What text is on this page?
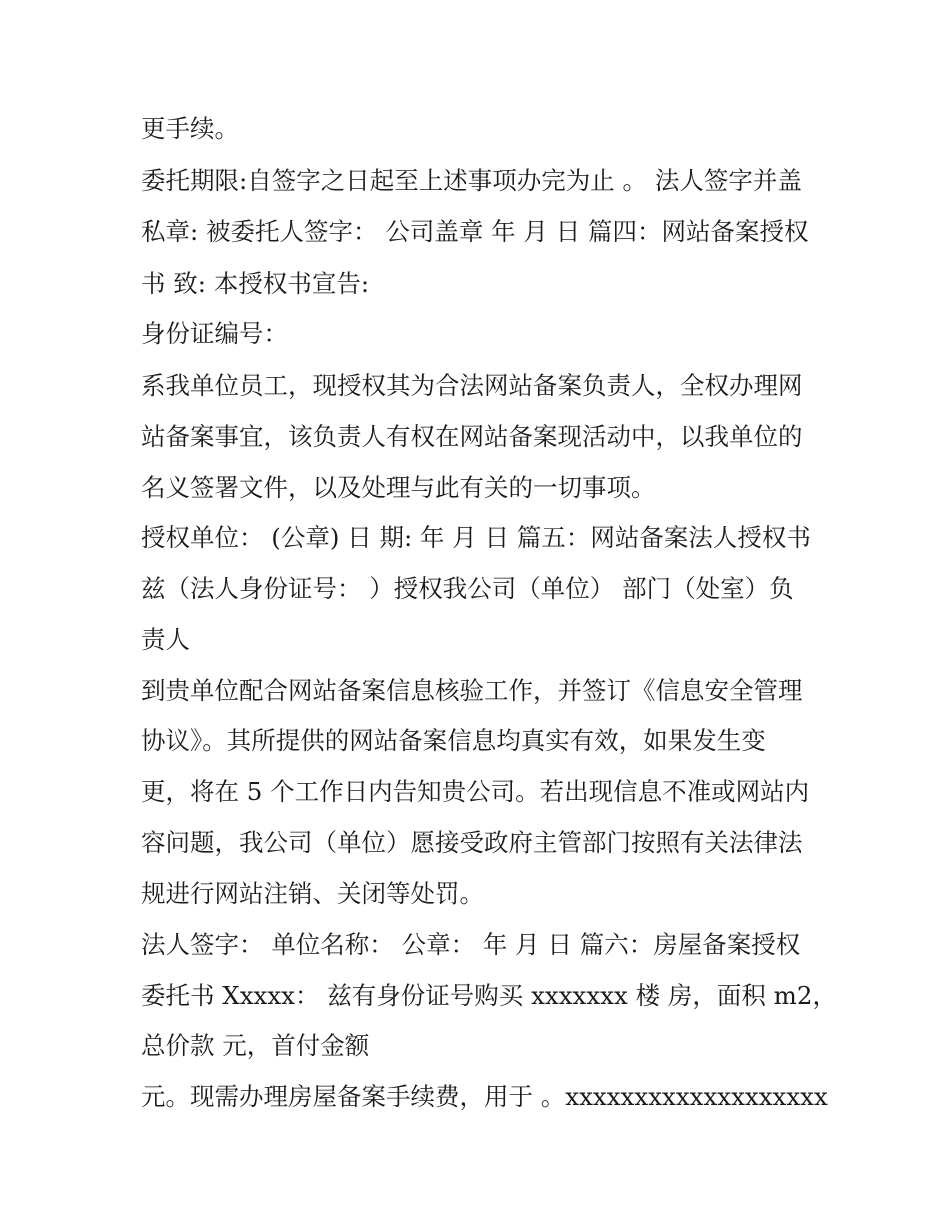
更手续。
委托期限:自签字之日起至上述事项办完为止 。 法人签字并盖
私章: 被委托人签字： 公司盖章 年 月 日 篇四：网站备案授权
书 致: 本授权书宣告:
身份证编号：
系我单位员工，现授权其为合法网站备案负责人，全权办理网
站备案事宜，该负责人有权在网站备案现活动中，以我单位的
名义签署文件，以及处理与此有关的一切事项。
授权单位： (公章) 日 期: 年 月 日 篇五：网站备案法人授权书
兹（法人身份证号： ）授权我公司（单位） 部门（处室）负
责人
到贵单位配合网站备案信息核验工作，并签订《信息安全管理
协议》。其所提供的网站备案信息均真实有效，如果发生变
更，将在 5 个工作日内告知贵公司。若出现信息不准或网站内
容问题，我公司（单位）愿接受政府主管部门按照有关法律法
规进行网站注销、关闭等处罚。
法人签字： 单位名称： 公章： 年 月 日 篇六：房屋备案授权
委托书 Xxxxx： 兹有身份证号购买 xxxxxxx 楼 房，面积 m2，
总价款 元，首付金额
元。现需办理房屋备案手续费，用于 。xxxxxxxxxxxxxxxxxxx
